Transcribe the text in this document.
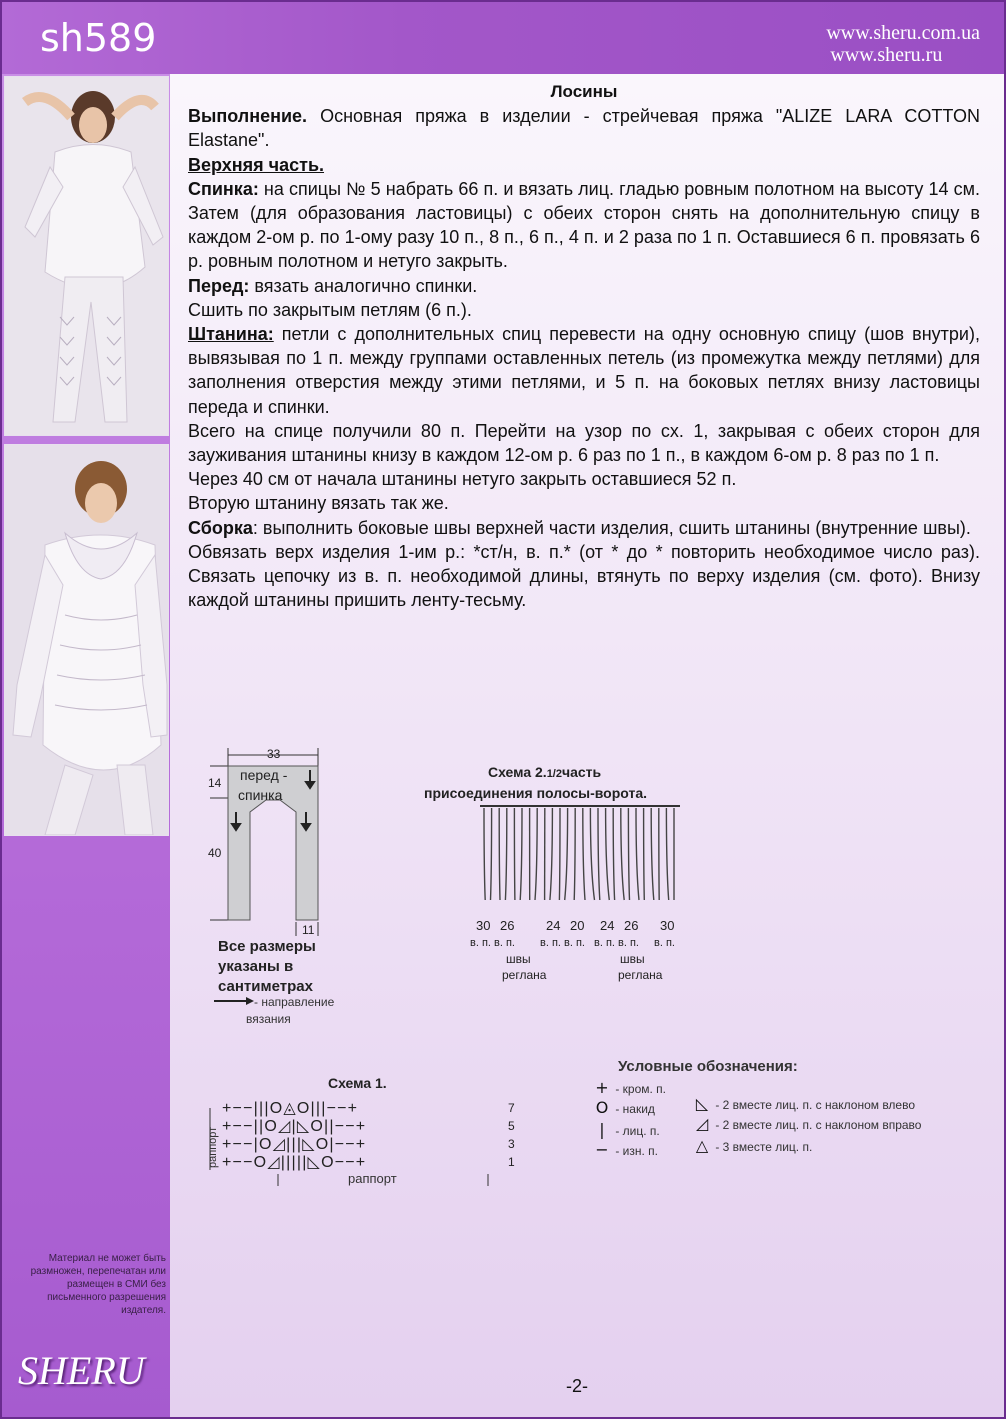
sh589	www.sheru.com.ua
www.sheru.ru
Материал не может быть размножен, перепечатан или размещен в СМИ без письменного разрешения издателя.
SHERU

Лосины

Выполнение. Основная пряжа в изделии - стрейчевая пряжа "ALIZE LARA COTTON Elastane".

Верхняя часть.

Спинка: на спицы № 5 набрать 66 п. и вязать лиц. гладью ровным полотном на высоту 14 см. Затем (для образования ластовицы) с обеих сторон снять на дополнительную спицу в каждом 2-ом р. по 1-ому разу 10 п., 8 п., 6 п., 4 п. и 2 раза по 1 п. Оставшиеся 6 п. провязать 6 р. ровным полотном и нетуго закрыть.

Перед: вязать аналогично спинки.

Сшить по закрытым петлям (6 п.).

Штанина: петли с дополнительных спиц перевести на одну основную спицу (шов внутри), вывязывая по 1 п. между группами оставленных петель (из промежутка между петлями) для заполнения отверстия между этими петлями, и 5 п. на боковых петлях внизу ластовицы переда и спинки.

Всего на спице получили 80 п. Перейти на узор по сх. 1, закрывая с обеих сторон для зауживания штанины книзу в каждом 12-ом р. 6 раз по 1 п., в каждом 6-ом р. 8 раз по 1 п.

Через 40 см от начала штанины нетуго закрыть оставшиеся 52 п.

Вторую штанину вязать так же.

Сборка: выполнить боковые швы верхней части изделия, сшить штанины (внутренние швы).

Обвязать верх изделия 1-им р.: *ст/н, в. п.* (от * до * повторить необходимое число раз). Связать цепочку из в. п. необходимой длины, втянуть по верху изделия (см. фото). Внизу каждой штанины пришить ленту-тесьму.

33
14
40
перед -
спинка
11
Все размеры
указаны в
сантиметрах
- направление
вязания
Схема 2.1/2часть
присоединения полосы-ворота.
30
в. п.
26
в. п.
24
в. п.
20
в. п.
24
в. п.
26
в. п.
30
в. п.
швы
реглана
швы
реглана
Схема 1.
раппорт
+−−|||O◬O|||−−+	7
+−−||O◿|◺O||−−+	5
+−−|O◿|||◺O|−−+	3
+−−O◿|||||◺O−−+	1
раппорт
Условные обозначения:
+ - кром. п.
O - накид
| - лиц. п.
− - изн. п.
◺ - 2 вместе лиц. п. с наклоном влево
◿ - 2 вместе лиц. п. с наклоном вправо
△ - 3 вместе лиц. п.
-2-
